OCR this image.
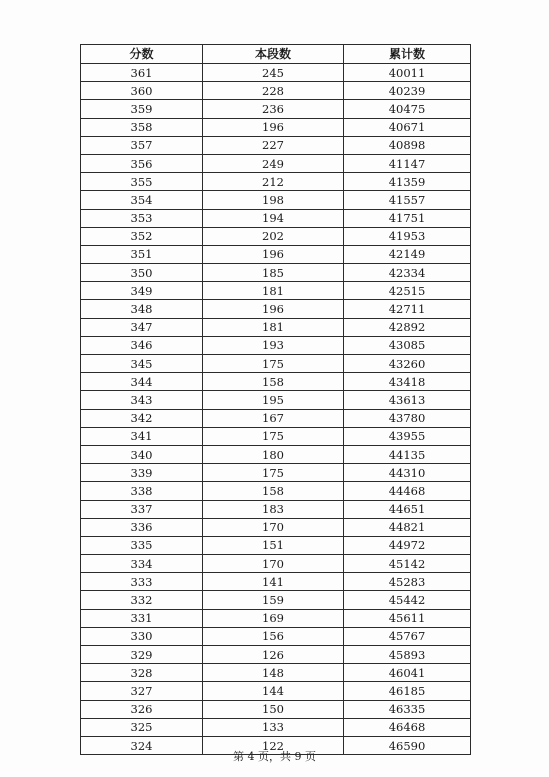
分数	本段数	累计数
361	245	40011
360	228	40239
359	236	40475
358	196	40671
357	227	40898
356	249	41147
355	212	41359
354	198	41557
353	194	41751
352	202	41953
351	196	42149
350	185	42334
349	181	42515
348	196	42711
347	181	42892
346	193	43085
345	175	43260
344	158	43418
343	195	43613
342	167	43780
341	175	43955
340	180	44135
339	175	44310
338	158	44468
337	183	44651
336	170	44821
335	151	44972
334	170	45142
333	141	45283
332	159	45442
331	169	45611
330	156	45767
329	126	45893
328	148	46041
327	144	46185
326	150	46335
325	133	46468
324	122	46590
第 4 页，共 9 页
